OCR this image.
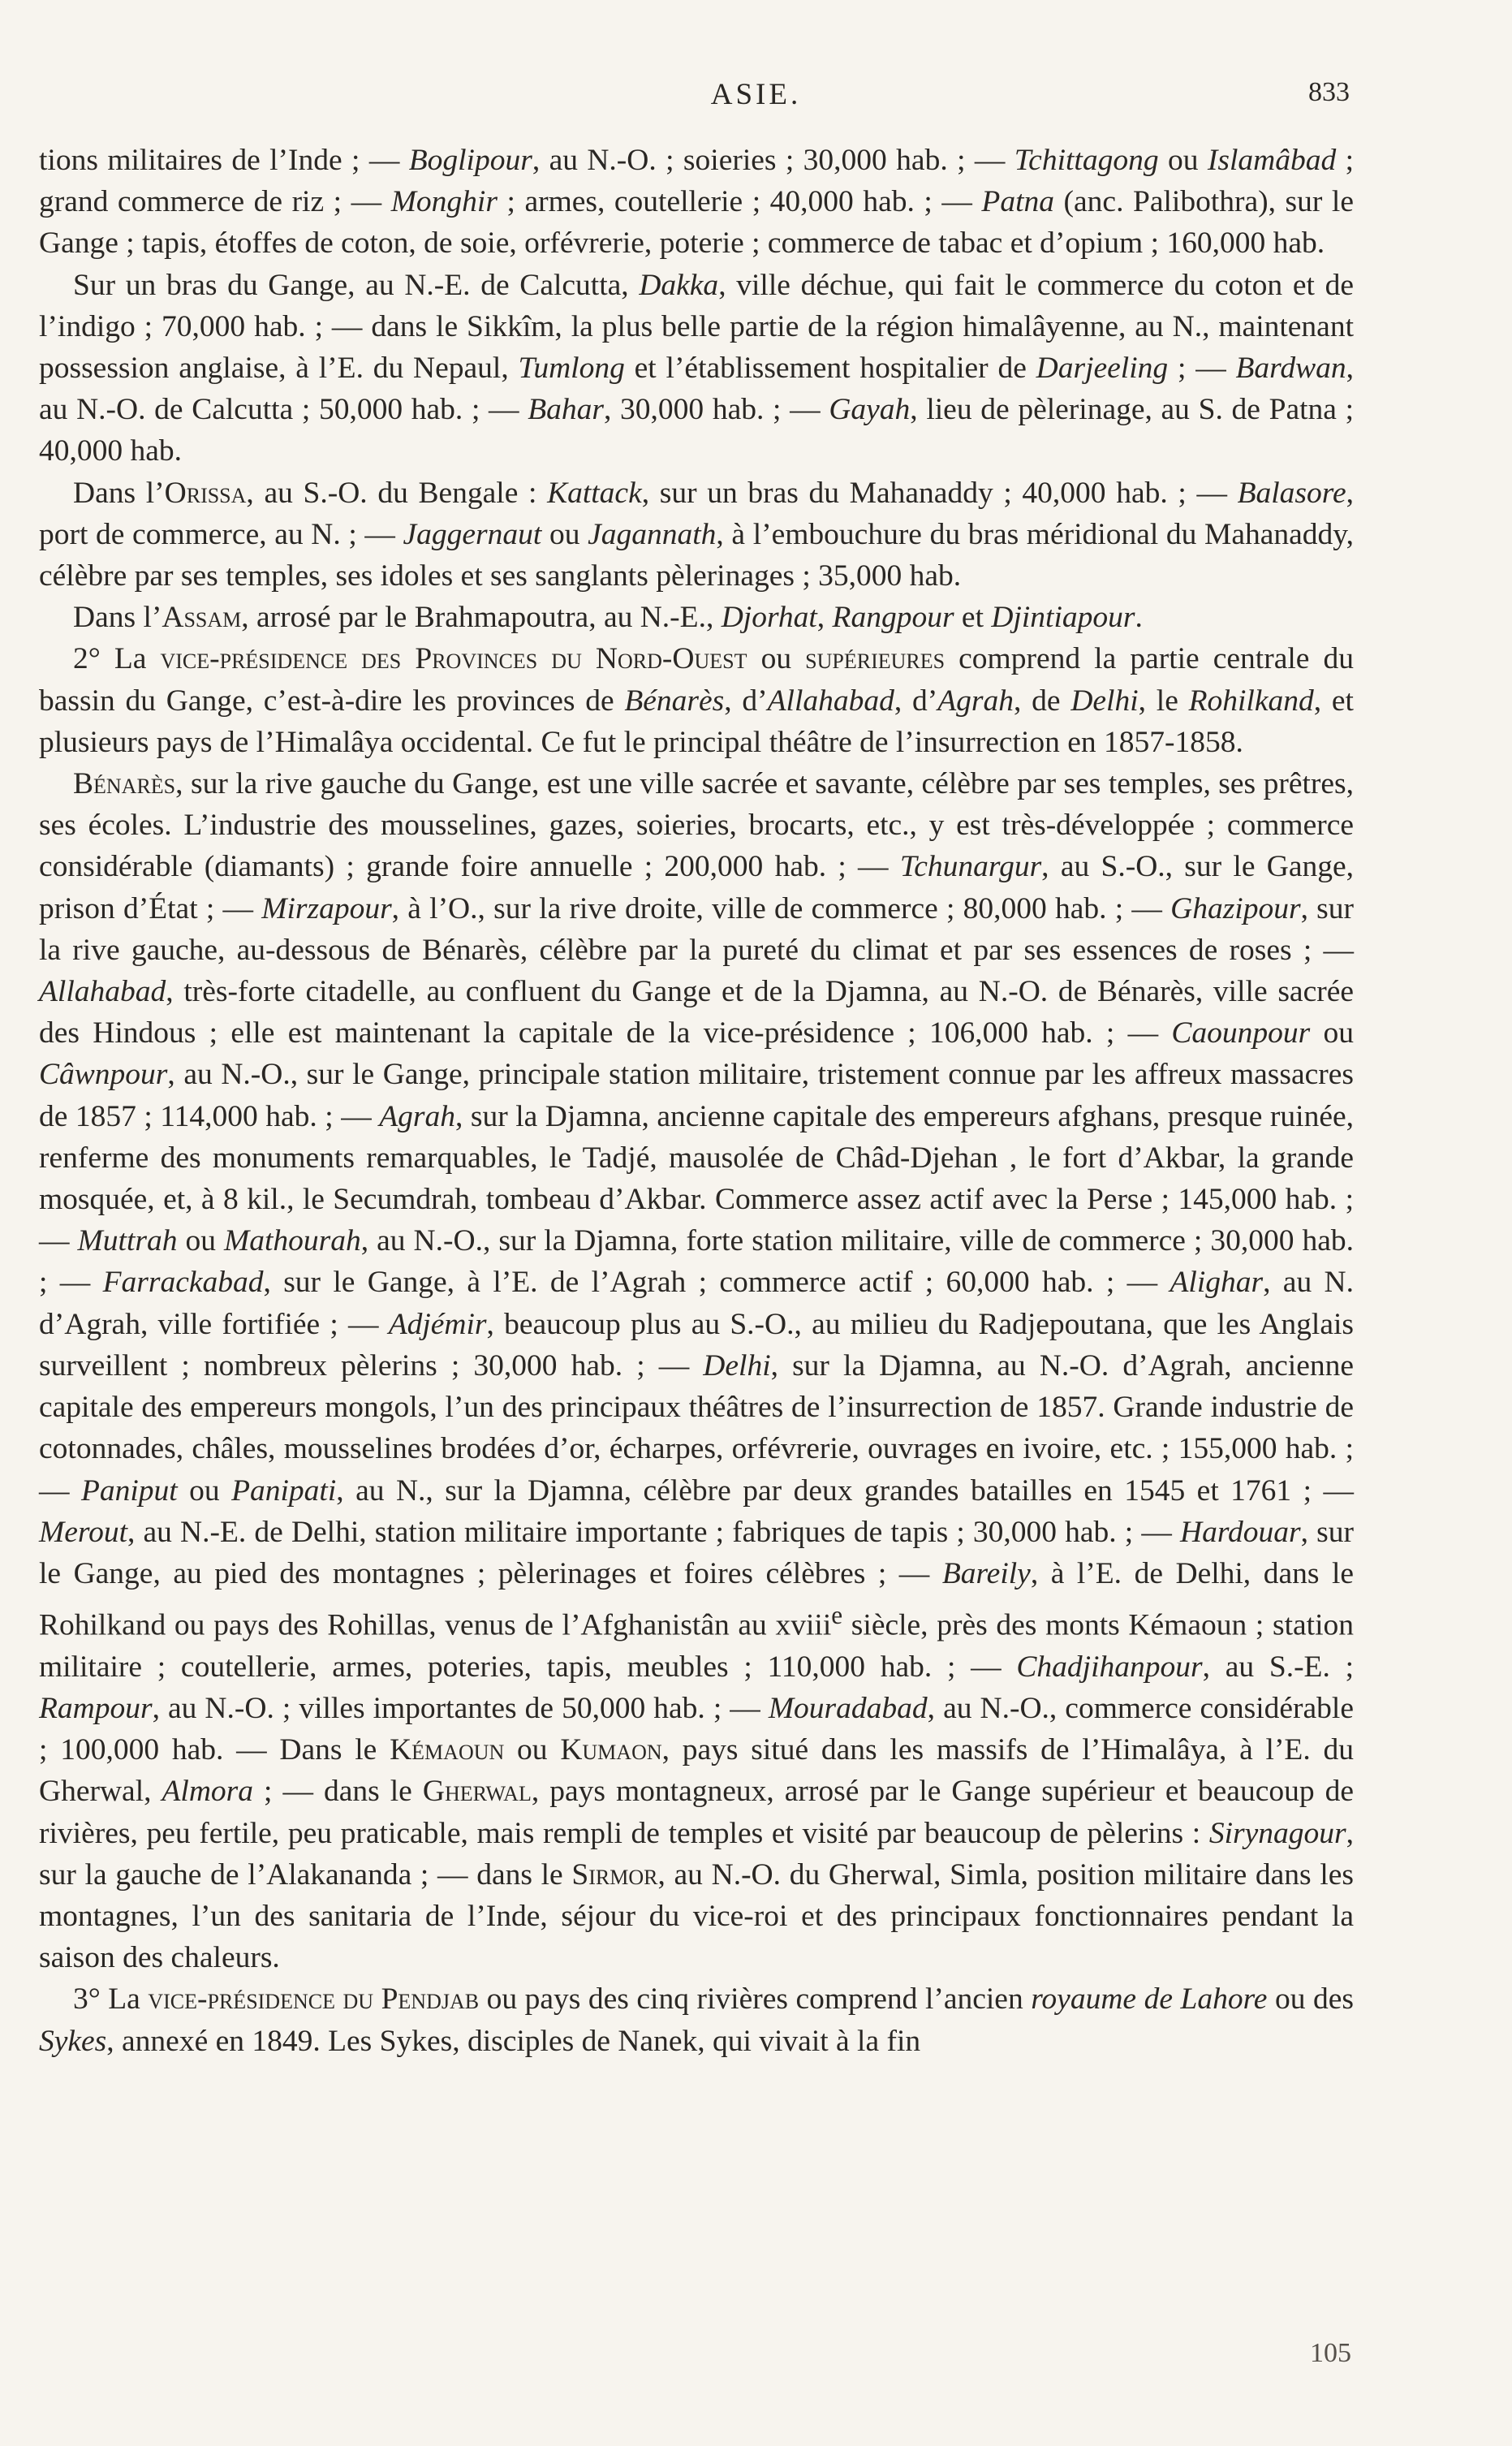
ASIE.	833

tions militaires de l’Inde ; — Boglipour, au N.-O. ; soieries ; 30,000 hab. ; — Tchittagong ou Islamâbad ; grand commerce de riz ; — Monghir ; armes, coutellerie ; 40,000 hab. ; — Patna (anc. Palibothra), sur le Gange ; tapis, étoffes de coton, de soie, orfévrerie, poterie ; commerce de tabac et d’opium ; 160,000 hab.

Sur un bras du Gange, au N.-E. de Calcutta, Dakka, ville déchue, qui fait le commerce du coton et de l’indigo ; 70,000 hab. ; — dans le Sikkîm, la plus belle partie de la région himalâyenne, au N., maintenant possession anglaise, à l’E. du Nepaul, Tumlong et l’établissement hospitalier de Darjeeling ; — Bardwan, au N.-O. de Calcutta ; 50,000 hab. ; — Bahar, 30,000 hab. ; — Gayah, lieu de pèlerinage, au S. de Patna ; 40,000 hab.

Dans l’Orissa, au S.-O. du Bengale : Kattack, sur un bras du Mahanaddy ; 40,000 hab. ; — Balasore, port de commerce, au N. ; — Jaggernaut ou Jagannath, à l’embouchure du bras méridional du Mahanaddy, célèbre par ses temples, ses idoles et ses sanglants pèlerinages ; 35,000 hab.

Dans l’Assam, arrosé par le Brahmapoutra, au N.-E., Djorhat, Rangpour et Djintiapour.

2° La vice-présidence des Provinces du Nord-Ouest ou supérieures comprend la partie centrale du bassin du Gange, c’est-à-dire les provinces de Bénarès, d’Allahabad, d’Agrah, de Delhi, le Rohilkand, et plusieurs pays de l’Himalâya occidental. Ce fut le principal théâtre de l’insurrection en 1857-1858.

Bénarès, sur la rive gauche du Gange, est une ville sacrée et savante, célèbre par ses temples, ses prêtres, ses écoles. L’industrie des mousselines, gazes, soieries, brocarts, etc., y est très-développée ; commerce considérable (diamants) ; grande foire annuelle ; 200,000 hab. ; — Tchunargur, au S.-O., sur le Gange, prison d’État ; — Mirzapour, à l’O., sur la rive droite, ville de commerce ; 80,000 hab. ; — Ghazipour, sur la rive gauche, au-dessous de Bénarès, célèbre par la pureté du climat et par ses essences de roses ; — Allahabad, très-forte citadelle, au confluent du Gange et de la Djamna, au N.-O. de Bénarès, ville sacrée des Hindous ; elle est maintenant la capitale de la vice-présidence ; 106,000 hab. ; — Caounpour ou Câwnpour, au N.-O., sur le Gange, principale station militaire, tristement connue par les affreux massacres de 1857 ; 114,000 hab. ; — Agrah, sur la Djamna, ancienne capitale des empereurs afghans, presque ruinée, renferme des monuments remarquables, le Tadjé, mausolée de Châd-Djehan , le fort d’Akbar, la grande mosquée, et, à 8 kil., le Secumdrah, tombeau d’Akbar. Commerce assez actif avec la Perse ; 145,000 hab. ; — Muttrah ou Mathourah, au N.-O., sur la Djamna, forte station militaire, ville de commerce ; 30,000 hab. ; — Farrackabad, sur le Gange, à l’E. de l’Agrah ; commerce actif ; 60,000 hab. ; — Alighar, au N. d’Agrah, ville fortifiée ; — Adjémir, beaucoup plus au S.-O., au milieu du Radjepoutana, que les Anglais surveillent ; nombreux pèlerins ; 30,000 hab. ; — Delhi, sur la Djamna, au N.-O. d’Agrah, ancienne capitale des empereurs mongols, l’un des principaux théâtres de l’insurrection de 1857. Grande industrie de cotonnades, châles, mousselines brodées d’or, écharpes, orfévrerie, ouvrages en ivoire, etc. ; 155,000 hab. ; — Paniput ou Panipati, au N., sur la Djamna, célèbre par deux grandes batailles en 1545 et 1761 ; — Merout, au N.-E. de Delhi, station militaire importante ; fabriques de tapis ; 30,000 hab. ; — Hardouar, sur le Gange, au pied des montagnes ; pèlerinages et foires célèbres ; — Bareily, à l’E. de Delhi, dans le Rohilkand ou pays des Rohillas, venus de l’Afghanistân au xviii$^e$ siècle, près des monts Kémaoun ; station militaire ; coutellerie, armes, poteries, tapis, meubles ; 110,000 hab. ; — Chadjihanpour, au S.-E. ; Rampour, au N.-O. ; villes importantes de 50,000 hab. ; — Mouradabad, au N.-O., commerce considérable ; 100,000 hab. — Dans le Kémaoun ou Kumaon, pays situé dans les massifs de l’Himalâya, à l’E. du Gherwal, Almora ; — dans le Gherwal, pays montagneux, arrosé par le Gange supérieur et beaucoup de rivières, peu fertile, peu praticable, mais rempli de temples et visité par beaucoup de pèlerins : Sirynagour, sur la gauche de l’Alakananda ; — dans le Sirmor, au N.-O. du Gherwal, Simla, position militaire dans les montagnes, l’un des sanitaria de l’Inde, séjour du vice-roi et des principaux fonctionnaires pendant la saison des chaleurs.

3° La vice-présidence du Pendjab ou pays des cinq rivières comprend l’ancien royaume de Lahore ou des Sykes, annexé en 1849. Les Sykes, disciples de Nanek, qui vivait à la fin

105
